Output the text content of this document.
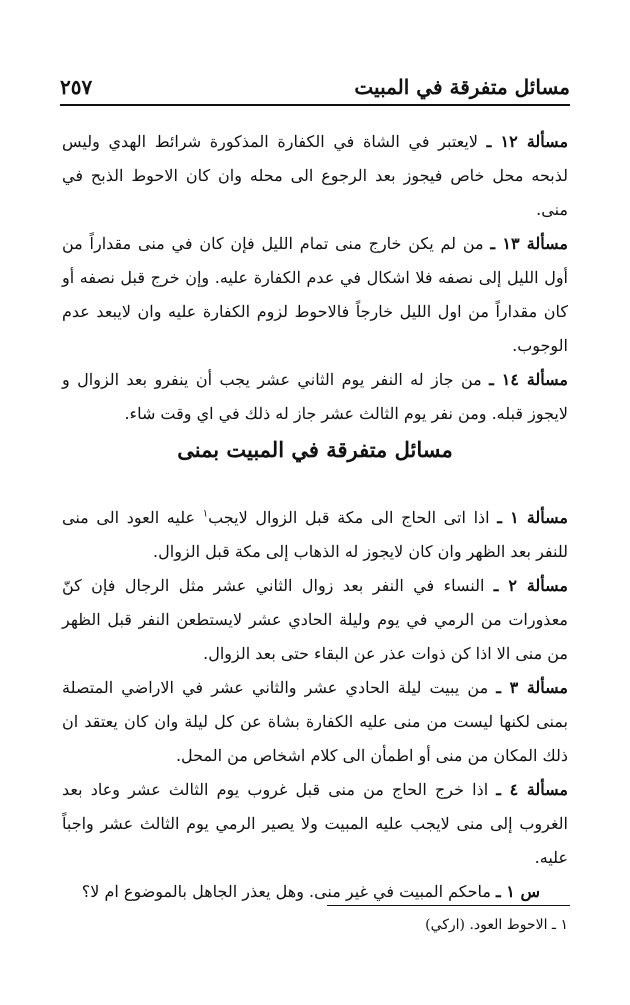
مسائل متفرقة في المبيت
٢٥٧

مسألة ١٢ ـ لايعتبر في الشاة في الكفارة المذكورة شرائط الهدي وليس لذبحه محل خاص فيجوز بعد الرجوع الى محله وان كان الاحوط الذبح في منى.

مسألة ١٣ ـ من لم يكن خارج منى تمام الليل فإن كان في منى مقداراً من أول الليل إلى نصفه فلا اشكال في عدم الكفارة عليه. وإن خرج قبل نصفه أو كان مقداراً من اول الليل خارجاً فالاحوط لزوم الكفارة عليه وان لايبعد عدم الوجوب.

مسألة ١٤ ـ من جاز له النفر يوم الثاني عشر يجب أن ينفرو بعد الزوال و لايجوز قبله. ومن نفر يوم الثالث عشر جاز له ذلك في اي وقت شاء.

مسائل متفرقة في المبيت بمنى

مسألة ١ ـ اذا اتى الحاج الى مكة قبل الزوال لايجب$^١$ عليه العود الى منى للنفر بعد الظهر وان كان لايجوز له الذهاب إلى مكة قبل الزوال.

مسألة ٢ ـ النساء في النفر بعد زوال الثاني عشر مثل الرجال فإن كنّ معذورات من الرمي في يوم وليلة الحادي عشر لايستطعن النفر قبل الظهر من منى الا اذا كن ذوات عذر عن البقاء حتى بعد الزوال.

مسألة ٣ ـ من يبيت ليلة الحادي عشر والثاني عشر في الاراضي المتصلة بمنى لكنها ليست من منى عليه الكفارة بشاة عن كل ليلة وان كان يعتقد ان ذلك المكان من منى أو اطمأن الى كلام اشخاص من المحل.

مسألة ٤ ـ اذا خرج الحاج من منى قبل غروب يوم الثالث عشر وعاد بعد الغروب إلى منى لايجب عليه المبيت ولا يصير الرمي يوم الثالث عشر واجباً عليه.

س ١ ـ ماحكم المبيت في غير منى. وهل يعذر الجاهل بالموضوع ام لا؟

١ ـ الاحوط العود. (اركي)
